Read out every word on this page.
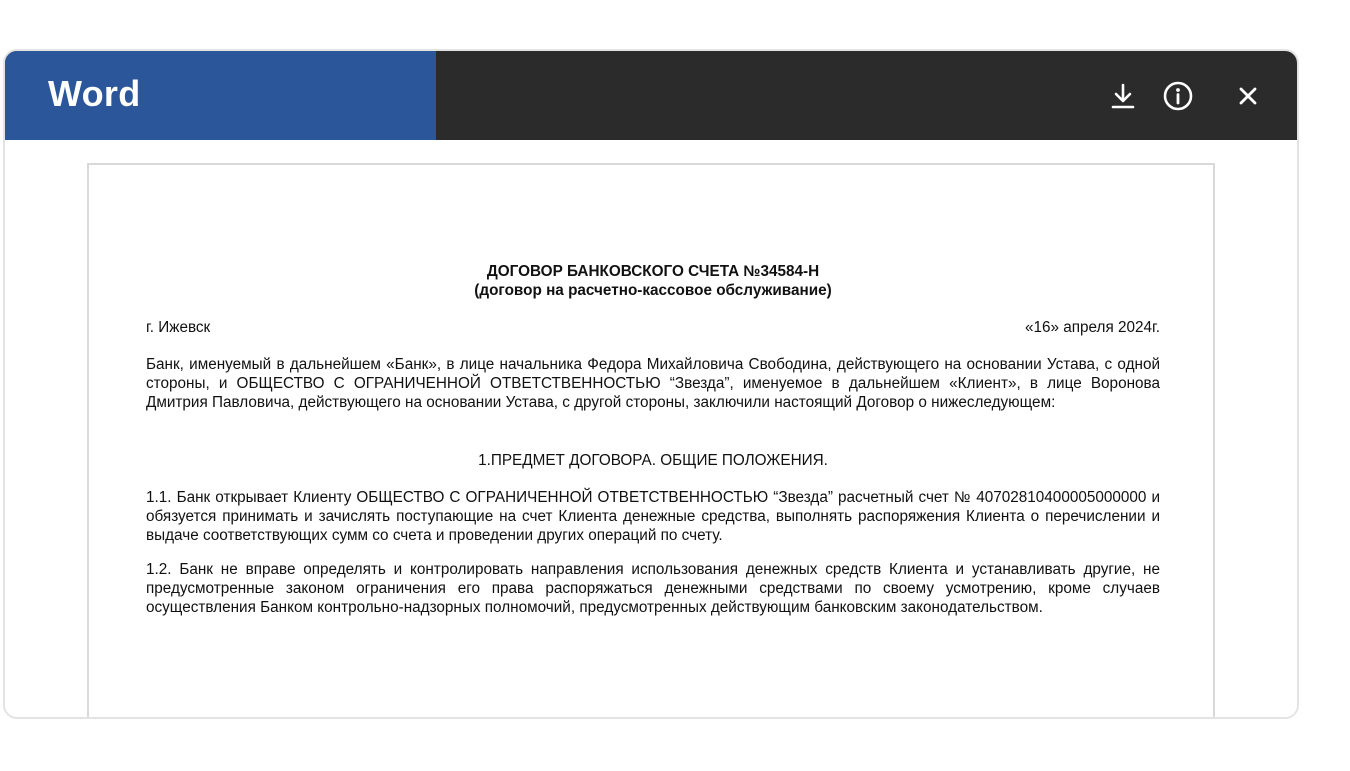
Word

ДОГОВОР БАНКОВСКОГО СЧЕТА №34584-Н

(договор на расчетно-кассовое обслуживание)

г. Ижевск	«16» апреля 2024г.

Банк, именуемый в дальнейшем «Банк», в лице начальника Федора Михайловича Свободина, действующего на основании Устава, с одной стороны, и ОБЩЕСТВО С ОГРАНИЧЕННОЙ ОТВЕТСТВЕННОСТЬЮ “Звезда”, именуемое в дальнейшем «Клиент», в лице Воронова Дмитрия Павловича, действующего на основании Устава, с другой стороны, заключили настоящий Договор о нижеследующем:

1.ПРЕДМЕТ ДОГОВОРА. ОБЩИЕ ПОЛОЖЕНИЯ.

1.1. Банк открывает Клиенту ОБЩЕСТВО С ОГРАНИЧЕННОЙ ОТВЕТСТВЕННОСТЬЮ “Звезда” расчетный счет № 40702810400005000000 и обязуется принимать и зачислять поступающие на счет Клиента денежные средства, выполнять распоряжения Клиента о перечислении и выдаче соответствующих сумм со счета и проведении других операций по счету.

1.2. Банк не вправе определять и контролировать направления использования денежных средств Клиента и устанавливать другие, не предусмотренные законом ограничения его права распоряжаться денежными средствами по своему усмотрению, кроме случаев осуществления Банком контрольно-надзорных полномочий, предусмотренных действующим банковским законодательством.
